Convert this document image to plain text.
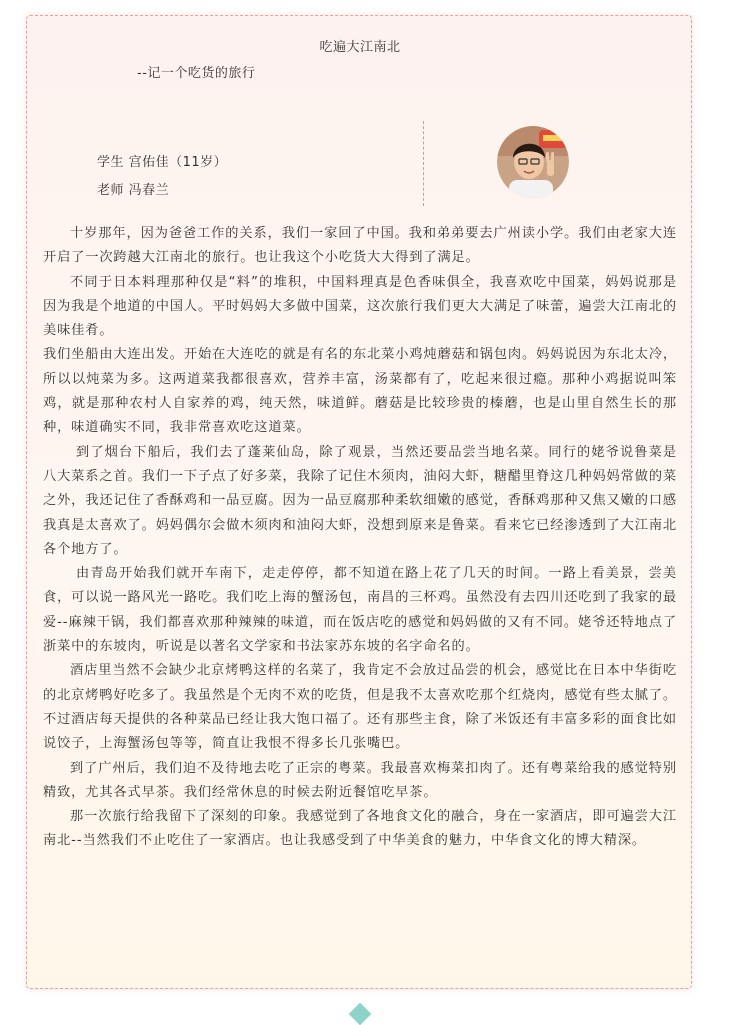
吃遍大江南北
--记一个吃货的旅行
学生 宫佑佳（11岁）
老师 冯春兰

十岁那年，因为爸爸工作的关系，我们一家回了中国。我和弟弟要去广州读小学。我们由老家大连开启了一次跨越大江南北的旅行。也让我这个小吃货大大得到了满足。

不同于日本料理那种仅是“料”的堆积，中国料理真是色香味俱全，我喜欢吃中国菜，妈妈说那是因为我是个地道的中国人。平时妈妈大多做中国菜，这次旅行我们更大大满足了味蕾，遍尝大江南北的美味佳肴。

我们坐船由大连出发。开始在大连吃的就是有名的东北菜小鸡炖蘑菇和锅包肉。妈妈说因为东北太冷，所以以炖菜为多。这两道菜我都很喜欢，营养丰富，汤菜都有了，吃起来很过瘾。那种小鸡据说叫笨鸡，就是那种农村人自家养的鸡，纯天然，味道鲜。蘑菇是比较珍贵的榛蘑，也是山里自然生长的那种，味道确实不同，我非常喜欢吃这道菜。

到了烟台下船后，我们去了蓬莱仙岛，除了观景，当然还要品尝当地名菜。同行的姥爷说鲁菜是八大菜系之首。我们一下子点了好多菜，我除了记住木须肉，油闷大虾，糖醋里脊这几种妈妈常做的菜之外，我还记住了香酥鸡和一品豆腐。因为一品豆腐那种柔软细嫩的感觉，香酥鸡那种又焦又嫩的口感我真是太喜欢了。妈妈偶尔会做木须肉和油闷大虾，没想到原来是鲁菜。看来它已经渗透到了大江南北各个地方了。

由青岛开始我们就开车南下，走走停停，都不知道在路上花了几天的时间。一路上看美景，尝美食，可以说一路风光一路吃。我们吃上海的蟹汤包，南昌的三杯鸡。虽然没有去四川还吃到了我家的最爱--麻辣干锅，我们都喜欢那种辣辣的味道，而在饭店吃的感觉和妈妈做的又有不同。姥爷还特地点了浙菜中的东坡肉，听说是以著名文学家和书法家苏东坡的名字命名的。

酒店里当然不会缺少北京烤鸭这样的名菜了，我肯定不会放过品尝的机会，感觉比在日本中华街吃的北京烤鸭好吃多了。我虽然是个无肉不欢的吃货，但是我不太喜欢吃那个红烧肉，感觉有些太腻了。不过酒店每天提供的各种菜品已经让我大饱口福了。还有那些主食，除了米饭还有丰富多彩的面食比如说饺子，上海蟹汤包等等，简直让我恨不得多长几张嘴巴。

到了广州后，我们迫不及待地去吃了正宗的粤菜。我最喜欢梅菜扣肉了。还有粤菜给我的感觉特别精致，尤其各式早茶。我们经常休息的时候去附近餐馆吃早茶。

那一次旅行给我留下了深刻的印象。我感觉到了各地食文化的融合，身在一家酒店，即可遍尝大江南北--当然我们不止吃住了一家酒店。也让我感受到了中华美食的魅力，中华食文化的博大精深。
